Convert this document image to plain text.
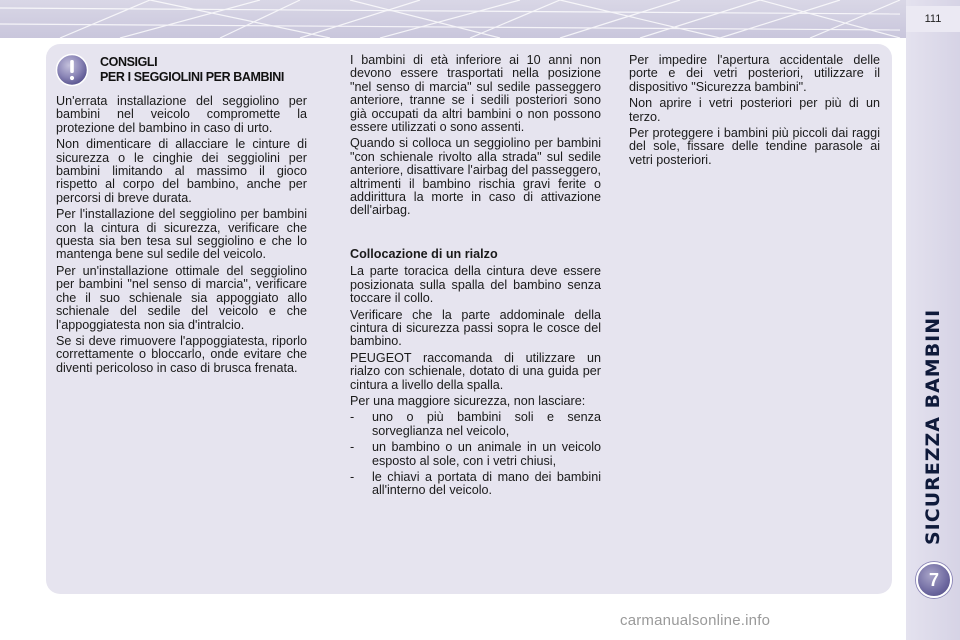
111
SICUREZZA BAMBINI
7
CONSIGLI
PER I SEGGIOLINI PER BAMBINI

Un'errata installazione del seggiolino per bambini nel veicolo compromette la protezione del bambino in caso di urto.

Non dimenticare di allacciare le cinture di sicurezza o le cinghie dei seggiolini per bambini limitando al massimo il gioco rispetto al corpo del bambino, anche per percorsi di breve durata.

Per l'installazione del seggiolino per bambini con la cintura di sicurezza, verificare che questa sia ben tesa sul seggiolino e che lo mantenga bene sul sedile del veicolo.

Per un'installazione ottimale del seggiolino per bambini "nel senso di marcia", verificare che il suo schienale sia appoggiato allo schienale del sedile del veicolo e che l'appoggiatesta non sia d'intralcio.

Se si deve rimuovere l'appoggiatesta, riporlo correttamente o bloccarlo, onde evitare che diventi pericoloso in caso di brusca frenata.

I bambini di età inferiore ai 10 anni non devono essere trasportati nella posizione "nel senso di marcia" sul sedile passeggero anteriore, tranne se i sedili posteriori sono già occupati da altri bambini o non possono essere utilizzati o sono assenti.

Quando si colloca un seggiolino per bambini "con schienale rivolto alla strada" sul sedile anteriore, disattivare l'airbag del passeggero, altrimenti il bambino rischia gravi ferite o addirittura la morte in caso di attivazione dell'airbag.

Collocazione di un rialzo

La parte toracica della cintura deve essere posizionata sulla spalla del bambino senza toccare il collo.

Verificare che la parte addominale della cintura di sicurezza passi sopra le cosce del bambino.

PEUGEOT raccomanda di utilizzare un rialzo con schienale, dotato di una guida per cintura a livello della spalla.

Per una maggiore sicurezza, non lasciare:

- uno o più bambini soli e senza sorveglianza nel veicolo,
- un bambino o un animale in un veicolo esposto al sole, con i vetri chiusi,
- le chiavi a portata di mano dei bambini all'interno del veicolo.

Per impedire l'apertura accidentale delle porte e dei vetri posteriori, utilizzare il dispositivo "Sicurezza bambini".

Non aprire i vetri posteriori per più di un terzo.

Per proteggere i bambini più piccoli dai raggi del sole, fissare delle tendine parasole ai vetri posteriori.

carmanualsonline.info
